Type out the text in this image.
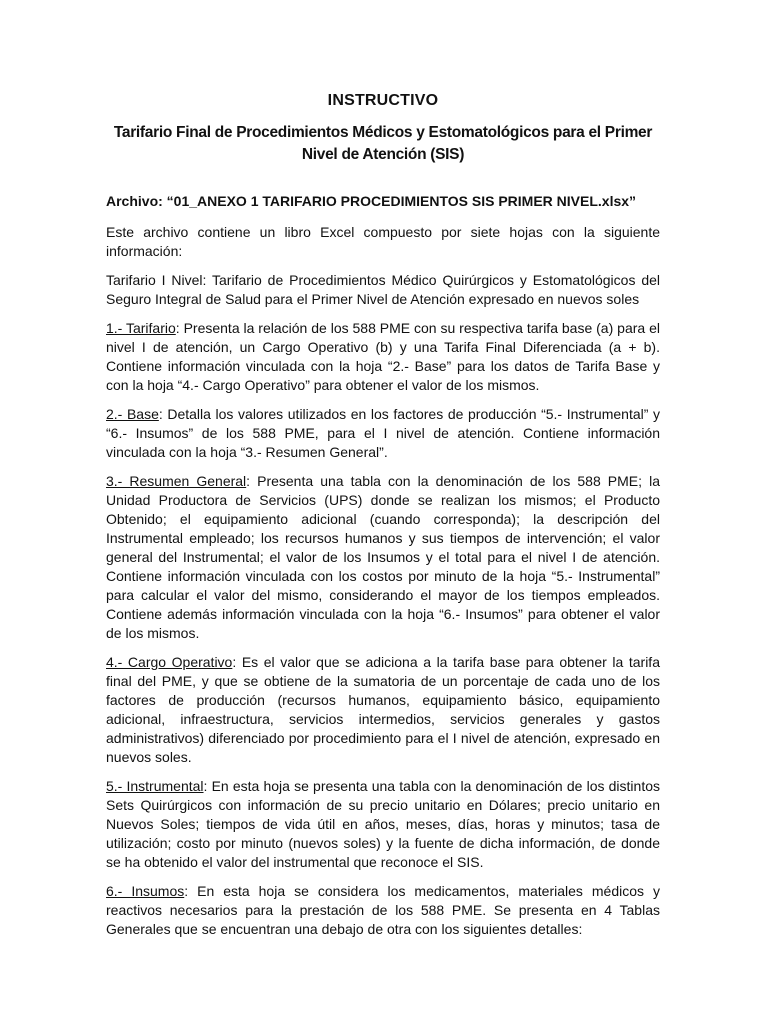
INSTRUCTIVO
Tarifario Final de Procedimientos Médicos y Estomatológicos para el Primer Nivel de Atención (SIS)
Archivo: “01_ANEXO 1 TARIFARIO PROCEDIMIENTOS SIS PRIMER NIVEL.xlsx”

Este archivo contiene un libro Excel compuesto por siete hojas con la siguiente información:

Tarifario I Nivel: Tarifario de Procedimientos Médico Quirúrgicos y Estomatológicos del Seguro Integral de Salud para el Primer Nivel de Atención expresado en nuevos soles

1.- Tarifario: Presenta la relación de los 588 PME con su respectiva tarifa base (a) para el nivel I de atención, un Cargo Operativo (b) y una Tarifa Final Diferenciada (a + b). Contiene información vinculada con la hoja “2.- Base” para los datos de Tarifa Base y con la hoja “4.- Cargo Operativo” para obtener el valor de los mismos.

2.- Base: Detalla los valores utilizados en los factores de producción “5.- Instrumental” y “6.- Insumos” de los 588 PME, para el I nivel de atención. Contiene información vinculada con la hoja “3.- Resumen General”.

3.- Resumen General: Presenta una tabla con la denominación de los 588 PME; la Unidad Productora de Servicios (UPS) donde se realizan los mismos; el Producto Obtenido; el equipamiento adicional (cuando corresponda); la descripción del Instrumental empleado; los recursos humanos y sus tiempos de intervención; el valor general del Instrumental; el valor de los Insumos y el total para el nivel I de atención. Contiene información vinculada con los costos por minuto de la hoja “5.- Instrumental” para calcular el valor del mismo, considerando el mayor de los tiempos empleados. Contiene además información vinculada con la hoja “6.- Insumos” para obtener el valor de los mismos.

4.- Cargo Operativo: Es el valor que se adiciona a la tarifa base para obtener la tarifa final del PME, y que se obtiene de la sumatoria de un porcentaje de cada uno de los factores de producción (recursos humanos, equipamiento básico, equipamiento adicional, infraestructura, servicios intermedios, servicios generales y gastos administrativos) diferenciado por procedimiento para el I nivel de atención, expresado en nuevos soles.

5.- Instrumental: En esta hoja se presenta una tabla con la denominación de los distintos Sets Quirúrgicos con información de su precio unitario en Dólares; precio unitario en Nuevos Soles; tiempos de vida útil en años, meses, días, horas y minutos; tasa de utilización; costo por minuto (nuevos soles) y la fuente de dicha información, de donde se ha obtenido el valor del instrumental que reconoce el SIS.

6.- Insumos: En esta hoja se considera los medicamentos, materiales médicos y reactivos necesarios para la prestación de los 588 PME. Se presenta en 4 Tablas Generales que se encuentran una debajo de otra con los siguientes detalles:
